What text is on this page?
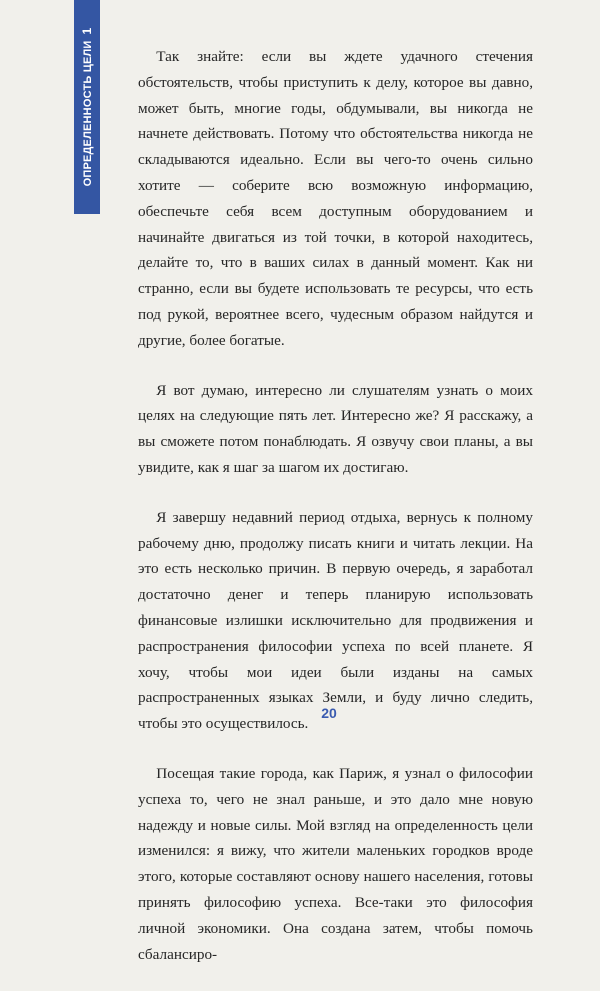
ОПРЕДЕЛЕННОСТЬ ЦЕЛИ1

Так знайте: если вы ждете удачного стечения обстоятельств, чтобы приступить к делу, которое вы давно, может быть, многие годы, обдумывали, вы никогда не начнете действовать. Потому что обстоятельства никогда не складываются идеально. Если вы чего-то очень сильно хотите — соберите всю возможную информацию, обеспечьте себя всем доступным оборудованием и начинайте двигаться из той точки, в которой находитесь, делайте то, что в ваших силах в данный момент. Как ни странно, если вы будете использовать те ресурсы, что есть под рукой, вероятнее всего, чудесным образом найдутся и другие, более богатые.

Я вот думаю, интересно ли слушателям узнать о моих целях на следующие пять лет. Интересно же? Я расскажу, а вы сможете потом понаблюдать. Я озвучу свои планы, а вы увидите, как я шаг за шагом их достигаю.

Я завершу недавний период отдыха, вернусь к полному рабочему дню, продолжу писать книги и читать лекции. На это есть несколько причин. В первую очередь, я заработал достаточно денег и теперь планирую использовать финансовые излишки исключительно для продвижения и распространения философии успеха по всей планете. Я хочу, чтобы мои идеи были изданы на самых распространенных языках Земли, и буду лично следить, чтобы это осуществилось.

Посещая такие города, как Париж, я узнал о философии успеха то, чего не знал раньше, и это дало мне новую надежду и новые силы. Мой взгляд на определенность цели изменился: я вижу, что жители маленьких городков вроде этого, которые составляют основу нашего населения, готовы принять философию успеха. Все-таки это философия личной экономики. Она создана затем, чтобы помочь сбалансиро-

20
